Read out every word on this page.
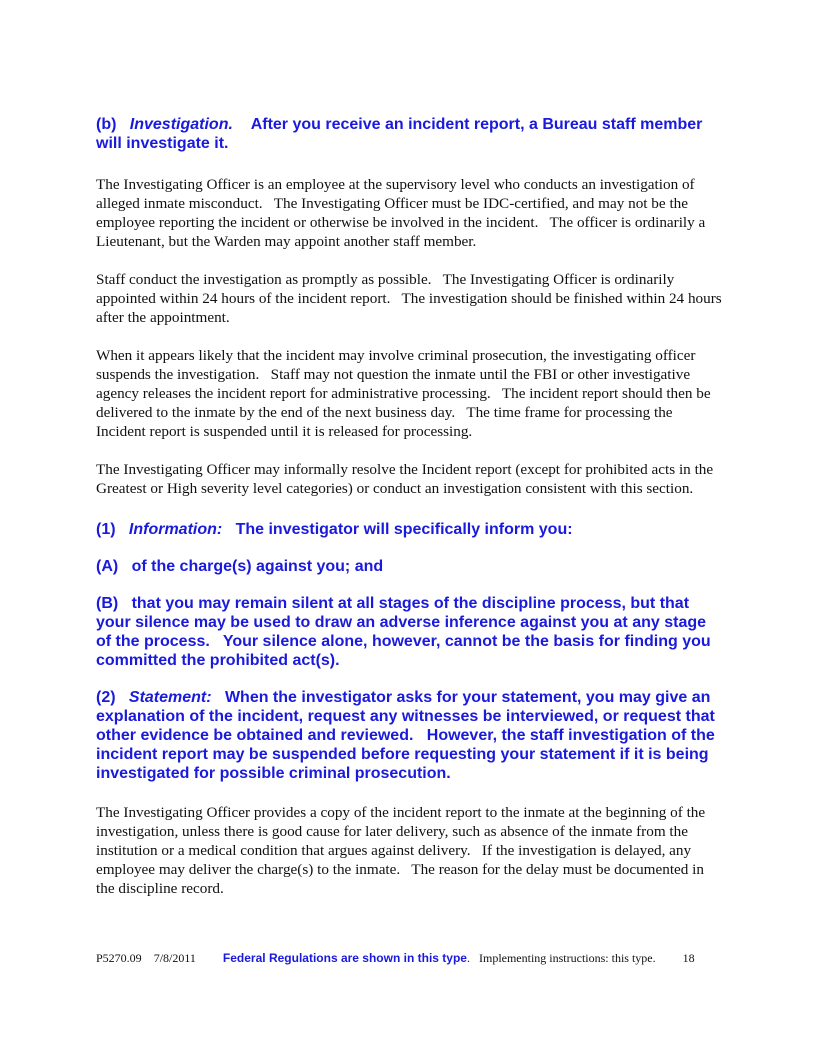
(b) Investigation. After you receive an incident report, a Bureau staff member will investigate it.

The Investigating Officer is an employee at the supervisory level who conducts an investigation of alleged inmate misconduct.   The Investigating Officer must be IDC-certified, and may not be the employee reporting the incident or otherwise be involved in the incident.   The officer is ordinarily a Lieutenant, but the Warden may appoint another staff member.

Staff conduct the investigation as promptly as possible.   The Investigating Officer is ordinarily appointed within 24 hours of the incident report.   The investigation should be finished within 24 hours after the appointment.

When it appears likely that the incident may involve criminal prosecution, the investigating officer suspends the investigation.   Staff may not question the inmate until the FBI or other investigative agency releases the incident report for administrative processing.   The incident report should then be delivered to the inmate by the end of the next business day.   The time frame for processing the Incident report is suspended until it is released for processing.

The Investigating Officer may informally resolve the Incident report (except for prohibited acts in the Greatest or High severity level categories) or conduct an investigation consistent with this section.

(1) Information: The investigator will specifically inform you:

(A) of the charge(s) against you; and

(B) that you may remain silent at all stages of the discipline process, but that your silence may be used to draw an adverse inference against you at any stage of the process.   Your silence alone, however, cannot be the basis for finding you committed the prohibited act(s).

(2) Statement: When the investigator asks for your statement, you may give an explanation of the incident, request any witnesses be interviewed, or request that other evidence be obtained and reviewed.   However, the staff investigation of the incident report may be suspended before requesting your statement if it is being investigated for possible criminal prosecution.

The Investigating Officer provides a copy of the incident report to the inmate at the beginning of the investigation, unless there is good cause for later delivery, such as absence of the inmate from the institution or a medical condition that argues against delivery.   If the investigation is delayed, any employee may deliver the charge(s) to the inmate.   The reason for the delay must be documented in the discipline record.

P5270.09 7/8/2011 Federal Regulations are shown in this type. Implementing instructions: this type. 18
